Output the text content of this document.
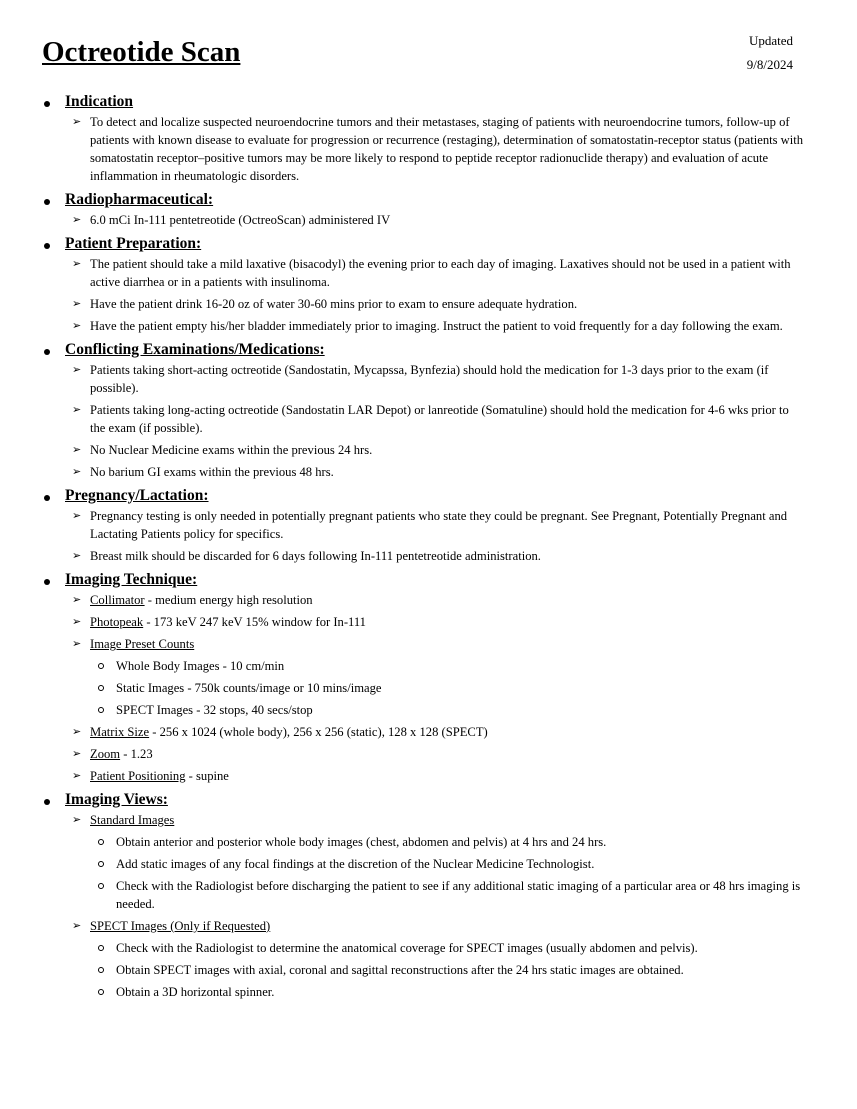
Octreotide Scan	Updated
9/8/2024
Indication
➢ To detect and localize suspected neuroendocrine tumors and their metastases, staging of patients with neuroendocrine tumors, follow-up of patients with known disease to evaluate for progression or recurrence (restaging), determination of somatostatin-receptor status (patients with somatostatin receptor–positive tumors may be more likely to respond to peptide receptor radionuclide therapy) and evaluation of acute inflammation in rheumatologic disorders.
Radiopharmaceutical:
➢ 6.0 mCi In-111 pentetreotide (OctreoScan) administered IV
Patient Preparation:
➢ The patient should take a mild laxative (bisacodyl) the evening prior to each day of imaging. Laxatives should not be used in a patient with active diarrhea or in a patients with insulinoma.
➢ Have the patient drink 16-20 oz of water 30-60 mins prior to exam to ensure adequate hydration.
➢ Have the patient empty his/her bladder immediately prior to imaging. Instruct the patient to void frequently for a day following the exam.
Conflicting Examinations/Medications:
➢ Patients taking short-acting octreotide (Sandostatin, Mycapssa, Bynfezia) should hold the medication for 1-3 days prior to the exam (if possible).
➢ Patients taking long-acting octreotide (Sandostatin LAR Depot) or lanreotide (Somatuline) should hold the medication for 4-6 wks prior to the exam (if possible).
➢ No Nuclear Medicine exams within the previous 24 hrs.
➢ No barium GI exams within the previous 48 hrs.
Pregnancy/Lactation:
➢ Pregnancy testing is only needed in potentially pregnant patients who state they could be pregnant. See Pregnant, Potentially Pregnant and Lactating Patients policy for specifics.
➢ Breast milk should be discarded for 6 days following In-111 pentetreotide administration.
Imaging Technique:
➢ Collimator - medium energy high resolution
➢ Photopeak - 173 keV 247 keV 15% window for In-111
➢ Image Preset Counts
Whole Body Images - 10 cm/min
Static Images - 750k counts/image or 10 mins/image
SPECT Images - 32 stops, 40 secs/stop
➢ Matrix Size - 256 x 1024 (whole body), 256 x 256 (static), 128 x 128 (SPECT)
➢ Zoom - 1.23
➢ Patient Positioning - supine
Imaging Views:
➢ Standard Images
Obtain anterior and posterior whole body images (chest, abdomen and pelvis) at 4 hrs and 24 hrs.
Add static images of any focal findings at the discretion of the Nuclear Medicine Technologist.
Check with the Radiologist before discharging the patient to see if any additional static imaging of a particular area or 48 hrs imaging is needed.
➢ SPECT Images (Only if Requested)
Check with the Radiologist to determine the anatomical coverage for SPECT images (usually abdomen and pelvis).
Obtain SPECT images with axial, coronal and sagittal reconstructions after the 24 hrs static images are obtained.
Obtain a 3D horizontal spinner.
